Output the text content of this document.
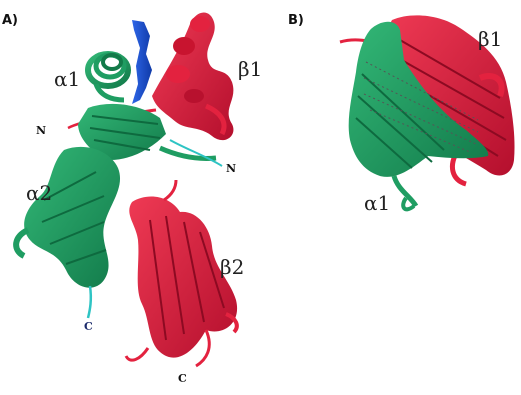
A)
α1	β1
α2
β2
N
N
C
C
B)
β1
α1
